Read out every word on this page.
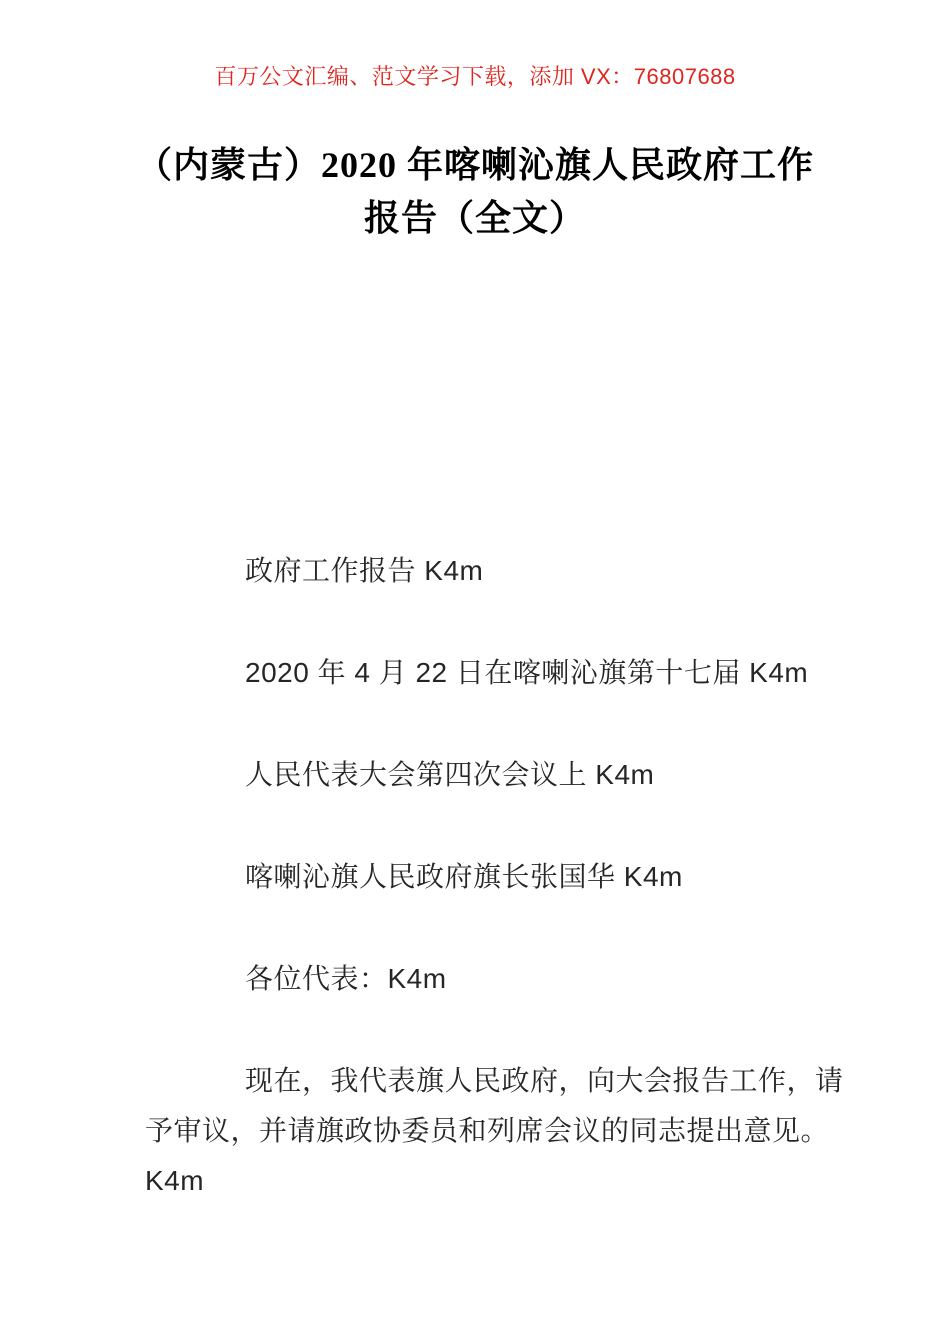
百万公文汇编、范文学习下载，添加 VX：76807688
（内蒙古）2020 年喀喇沁旗人民政府工作报告（全文）

政府工作报告 K4m

2020 年 4 月 22 日在喀喇沁旗第十七届 K4m

人民代表大会第四次会议上 K4m

喀喇沁旗人民政府旗长张国华 K4m

各位代表：K4m

现在，我代表旗人民政府，向大会报告工作，请予审议，并请旗政协委员和列席会议的同志提出意见。K4m
